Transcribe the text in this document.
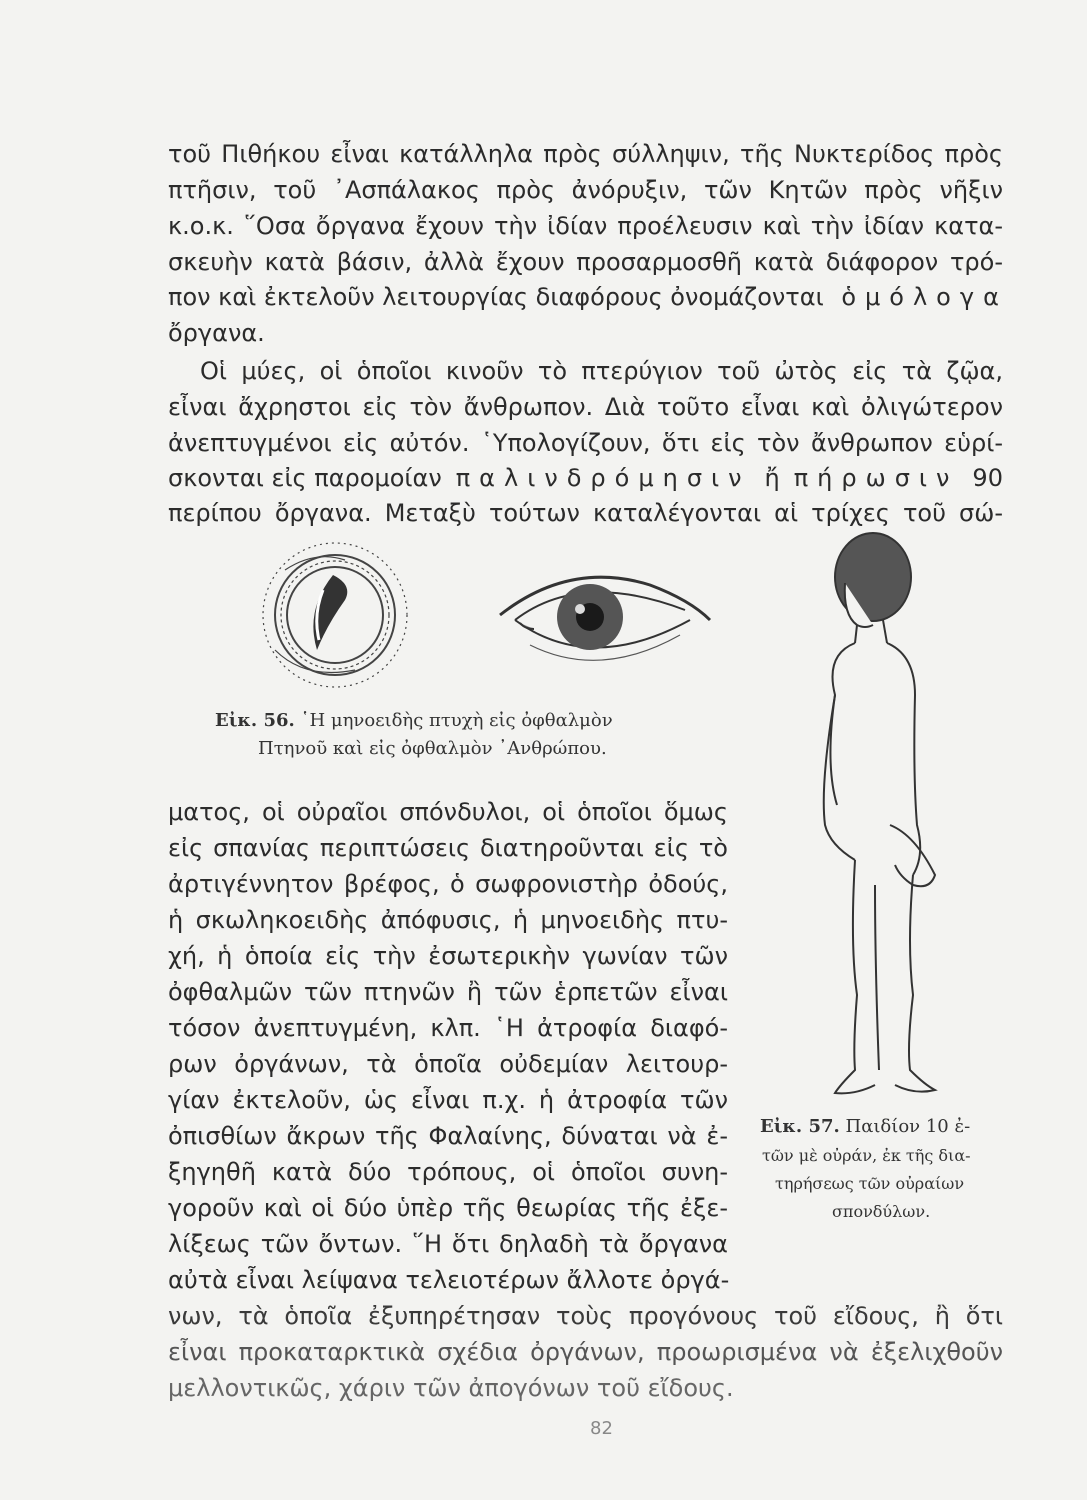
τοῦ Πιθήκου εἶναι κατάλληλα πρὸς σύλληψιν, τῆς Νυκτερίδος πρὸς
πτῆσιν, τοῦ ᾿Ασπάλακος πρὸς ἀνόρυξιν, τῶν Κητῶν πρὸς νῆξιν
κ.ο.κ. ῞Οσα ὄργανα ἔχουν τὴν ἰδίαν προέλευσιν καὶ τὴν ἰδίαν κατα-
σκευὴν κατὰ βάσιν, ἀλλὰ ἔχουν προσαρμοσθῆ κατὰ διάφορον τρό-
πον καὶ ἐκτελοῦν λειτουργίας διαφόρους ὀνομάζονται ὁμόλογα
ὄργανα.
Οἱ μύες, οἱ ὁποῖοι κινοῦν τὸ πτερύγιον τοῦ ὠτὸς εἰς τὰ ζῷα,
εἶναι ἄχρηστοι εἰς τὸν ἄνθρωπον. Διὰ τοῦτο εἶναι καὶ ὀλιγώτερον
ἀνεπτυγμένοι εἰς αὐτόν. ῾Υπολογίζουν, ὅτι εἰς τὸν ἄνθρωπον εὑρί-
σκονται εἰς παρομοίαν παλινδρόμησιν ἤ πήρωσιν 90
περίπου ὄργανα. Μεταξὺ τούτων καταλέγονται αἱ τρίχες τοῦ σώ-
Εἰκ. 56. ῾Η μηνοειδὴς πτυχὴ εἰς ὀφθαλμὸν
Πτηνοῦ καὶ εἰς ὀφθαλμὸν ᾿Ανθρώπου.
ματος, οἱ οὐραῖοι σπόνδυλοι, οἱ ὁποῖοι ὅμως
εἰς σπανίας περιπτώσεις διατηροῦνται εἰς τὸ
ἀρτιγέννητον βρέφος, ὁ σωφρονιστὴρ ὀδούς,
ἡ σκωληκοειδὴς ἀπόφυσις, ἡ μηνοειδὴς πτυ-
χή, ἡ ὁποία εἰς τὴν ἐσωτερικὴν γωνίαν τῶν
ὀφθαλμῶν τῶν πτηνῶν ἢ τῶν ἑρπετῶν εἶναι
τόσον ἀνεπτυγμένη, κλπ. ῾Η ἀτροφία διαφό-
ρων ὀργάνων, τὰ ὁποῖα οὐδεμίαν λειτουρ-
γίαν ἐκτελοῦν, ὡς εἶναι π.χ. ἡ ἀτροφία τῶν
ὀπισθίων ἄκρων τῆς Φαλαίνης, δύναται νὰ ἐ-
ξηγηθῆ κατὰ δύο τρόπους, οἱ ὁποῖοι συνη-
γοροῦν καὶ οἱ δύο ὑπὲρ τῆς θεωρίας τῆς ἐξε-
λίξεως τῶν ὄντων. ῞Η ὅτι δηλαδὴ τὰ ὄργανα
αὐτὰ εἶναι λείψανα τελειοτέρων ἄλλοτε ὀργά-
Εἰκ. 57. Παιδίον 10 ἐ-
τῶν μὲ οὐράν, ἐκ τῆς δια-
τηρήσεως τῶν οὐραίων
σπονδύλων.
νων, τὰ ὁποῖα ἐξυπηρέτησαν τοὺς προγόνους τοῦ εἴδους, ἢ ὅτι
εἶναι προκαταρκτικὰ σχέδια ὀργάνων, προωρισμένα νὰ ἐξελιχθοῦν
μελλοντικῶς, χάριν τῶν ἀπογόνων τοῦ εἴδους.
82
